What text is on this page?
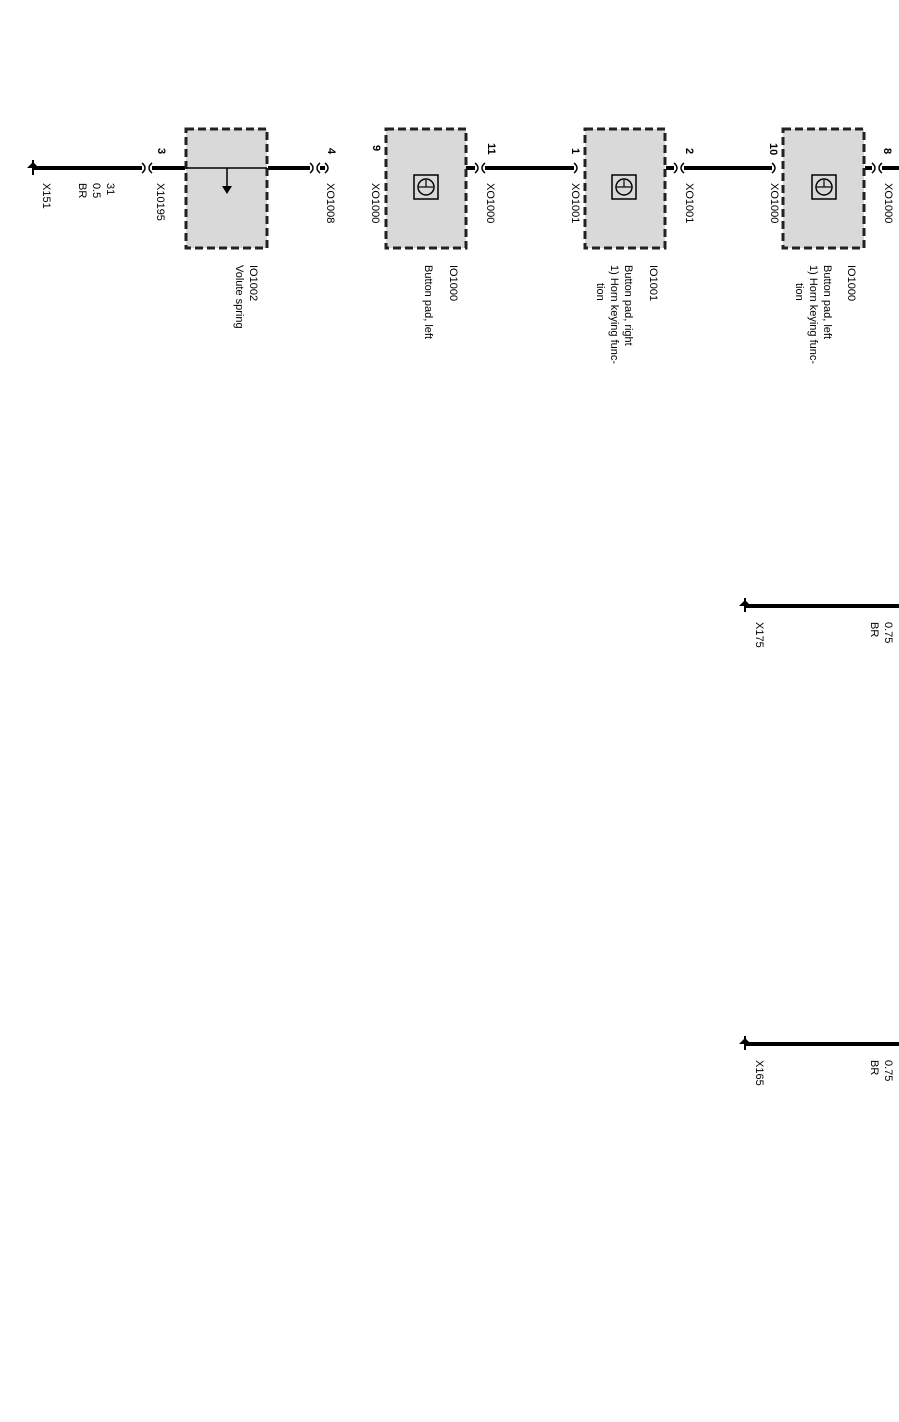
X151	31
0.5
BR
3	4	9	11	1	2	10	8
X10195	XO1008	XO1000	XO1000	XO1001	XO1001	XO1000	XO1000
IO1002
Volute spring	IO1000
Button pad, left	IO1001
Button pad, right
1) Horn keying func-
tion	IO1000
Button pad, left
1) Horn keying func-
tion
X175	0.75
BR
X165	0.75
BR
